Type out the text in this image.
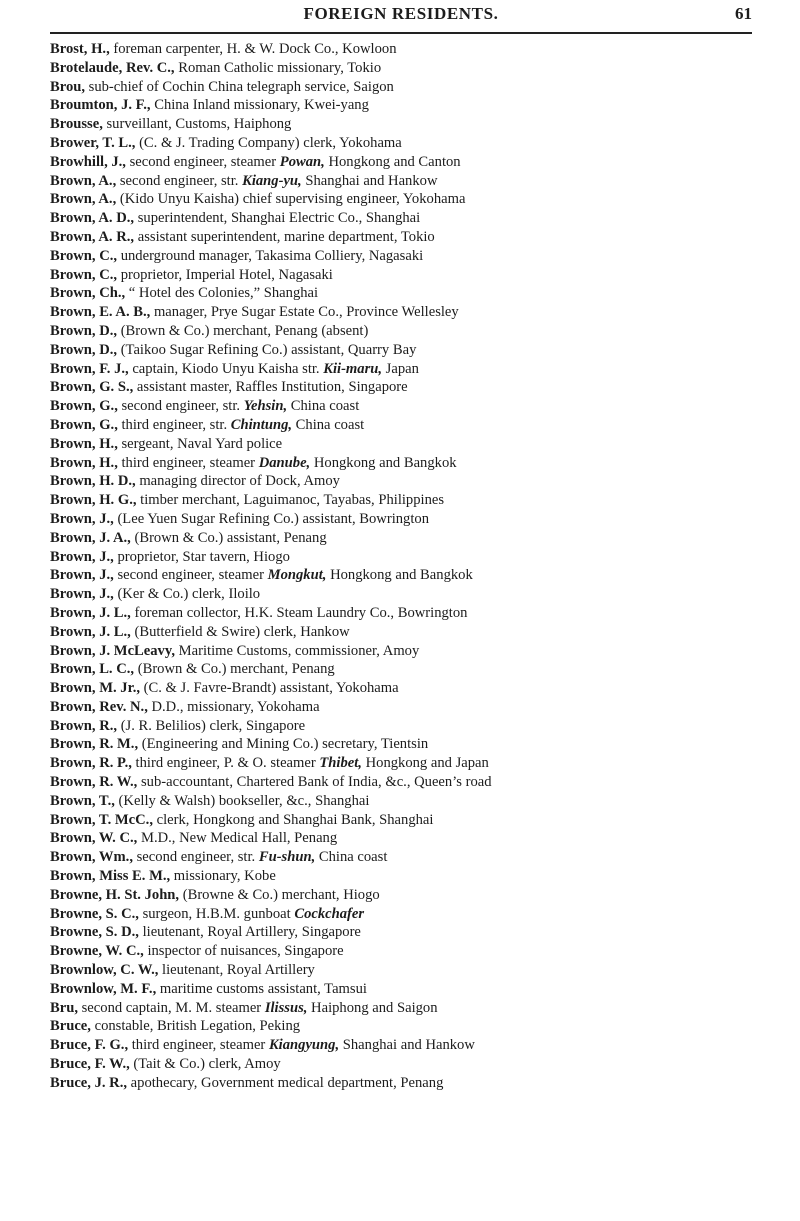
FOREIGN RESIDENTS.	61
Brost, H., foreman carpenter, H. & W. Dock Co., Kowloon
Brotelaude, Rev. C., Roman Catholic missionary, Tokio
Brou, sub-chief of Cochin China telegraph service, Saigon
Broumton, J. F., China Inland missionary, Kwei-yang
Brousse, surveillant, Customs, Haiphong
Brower, T. L., (C. & J. Trading Company) clerk, Yokohama
Browhill, J., second engineer, steamer Powan, Hongkong and Canton
Brown, A., second engineer, str. Kiang-yu, Shanghai and Hankow
Brown, A., (Kido Unyu Kaisha) chief supervising engineer, Yokohama
Brown, A. D., superintendent, Shanghai Electric Co., Shanghai
Brown, A. R., assistant superintendent, marine department, Tokio
Brown, C., underground manager, Takasima Colliery, Nagasaki
Brown, C., proprietor, Imperial Hotel, Nagasaki
Brown, Ch., “ Hotel des Colonies,” Shanghai
Brown, E. A. B., manager, Prye Sugar Estate Co., Province Wellesley
Brown, D., (Brown & Co.) merchant, Penang (absent)
Brown, D., (Taikoo Sugar Refining Co.) assistant, Quarry Bay
Brown, F. J., captain, Kiodo Unyu Kaisha str. Kii-maru, Japan
Brown, G. S., assistant master, Raffles Institution, Singapore
Brown, G., second engineer, str. Yehsin, China coast
Brown, G., third engineer, str. Chintung, China coast
Brown, H., sergeant, Naval Yard police
Brown, H., third engineer, steamer Danube, Hongkong and Bangkok
Brown, H. D., managing director of Dock, Amoy
Brown, H. G., timber merchant, Laguimanoc, Tayabas, Philippines
Brown, J., (Lee Yuen Sugar Refining Co.) assistant, Bowrington
Brown, J. A., (Brown & Co.) assistant, Penang
Brown, J., proprietor, Star tavern, Hiogo
Brown, J., second engineer, steamer Mongkut, Hongkong and Bangkok
Brown, J., (Ker & Co.) clerk, Iloilo
Brown, J. L., foreman collector, H.K. Steam Laundry Co., Bowrington
Brown, J. L., (Butterfield & Swire) clerk, Hankow
Brown, J. McLeavy, Maritime Customs, commissioner, Amoy
Brown, L. C., (Brown & Co.) merchant, Penang
Brown, M. Jr., (C. & J. Favre-Brandt) assistant, Yokohama
Brown, Rev. N., D.D., missionary, Yokohama
Brown, R., (J. R. Belilios) clerk, Singapore
Brown, R. M., (Engineering and Mining Co.) secretary, Tientsin
Brown, R. P., third engineer, P. & O. steamer Thibet, Hongkong and Japan
Brown, R. W., sub-accountant, Chartered Bank of India, &c., Queen’s road
Brown, T., (Kelly & Walsh) bookseller, &c., Shanghai
Brown, T. McC., clerk, Hongkong and Shanghai Bank, Shanghai
Brown, W. C., M.D., New Medical Hall, Penang
Brown, Wm., second engineer, str. Fu-shun, China coast
Brown, Miss E. M., missionary, Kobe
Browne, H. St. John, (Browne & Co.) merchant, Hiogo
Browne, S. C., surgeon, H.B.M. gunboat Cockchafer
Browne, S. D., lieutenant, Royal Artillery, Singapore
Browne, W. C., inspector of nuisances, Singapore
Brownlow, C. W., lieutenant, Royal Artillery
Brownlow, M. F., maritime customs assistant, Tamsui
Bru, second captain, M. M. steamer Ilissus, Haiphong and Saigon
Bruce, constable, British Legation, Peking
Bruce, F. G., third engineer, steamer Kiangyung, Shanghai and Hankow
Bruce, F. W., (Tait & Co.) clerk, Amoy
Bruce, J. R., apothecary, Government medical department, Penang
